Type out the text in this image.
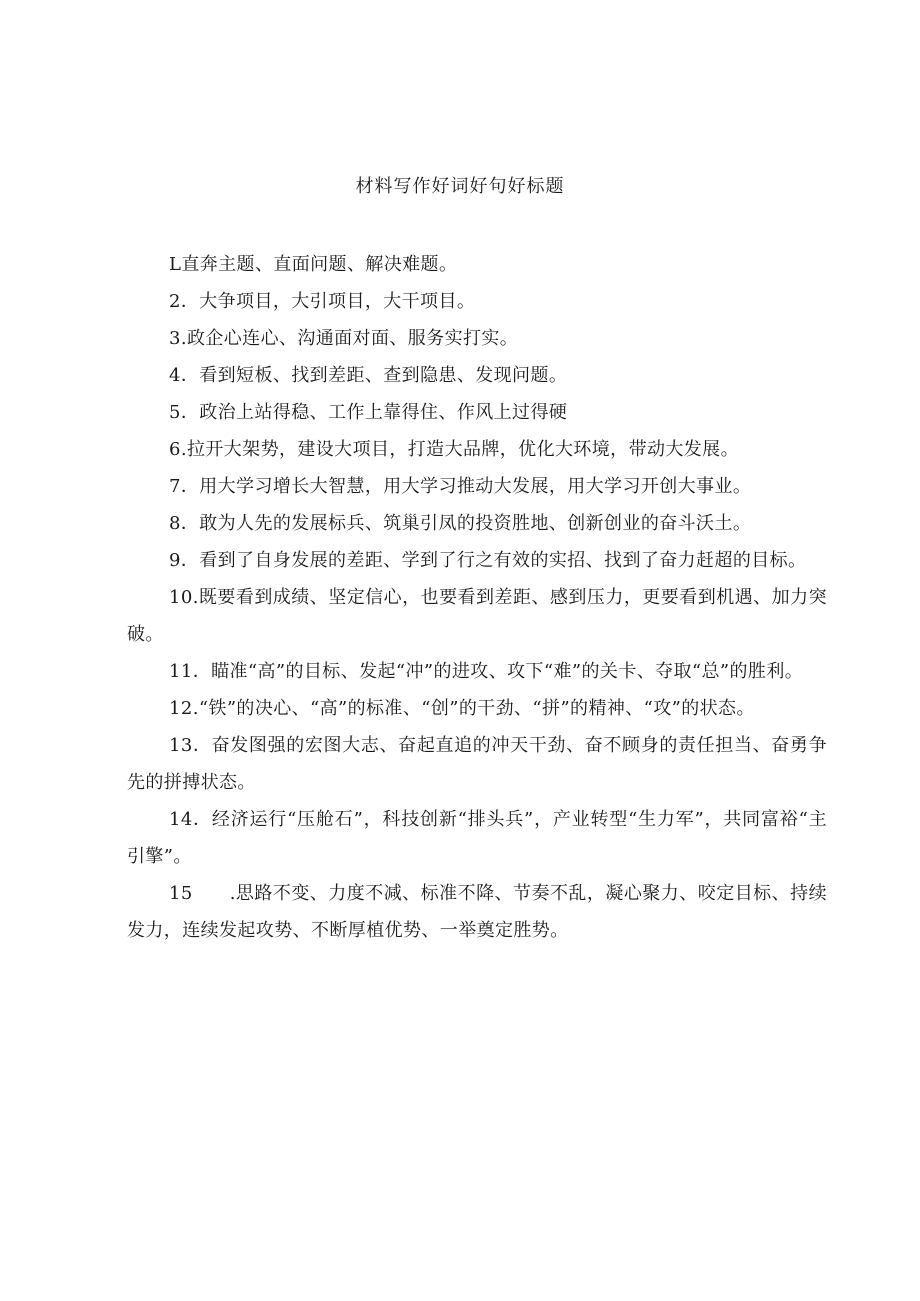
材料写作好词好句好标题
L直奔主题、直面问题、解决难题。
2．大争项目，大引项目，大干项目。
3.政企心连心、沟通面对面、服务实打实。
4．看到短板、找到差距、查到隐患、发现问题。
5．政治上站得稳、工作上靠得住、作风上过得硬
6.拉开大架势，建设大项目，打造大品牌，优化大环境，带动大发展。
7．用大学习增长大智慧，用大学习推动大发展，用大学习开创大事业。
8．敢为人先的发展标兵、筑巢引凤的投资胜地、创新创业的奋斗沃土。
9．看到了自身发展的差距、学到了行之有效的实招、找到了奋力赶超的目标。
10.既要看到成绩、坚定信心，也要看到差距、感到压力，更要看到机遇、加力突破。
11．瞄准“高”的目标、发起“冲”的进攻、攻下“难”的关卡、夺取“总”的胜利。
12.“铁”的决心、“高”的标准、“创”的干劲、“拼”的精神、“攻”的状态。
13．奋发图强的宏图大志、奋起直追的冲天干劲、奋不顾身的责任担当、奋勇争先的拼搏状态。
14．经济运行“压舱石”，科技创新“排头兵”，产业转型“生力军”，共同富裕“主引擎”。
15　　.思路不变、力度不减、标准不降、节奏不乱，凝心聚力、咬定目标、持续发力，连续发起攻势、不断厚植优势、一举奠定胜势。
